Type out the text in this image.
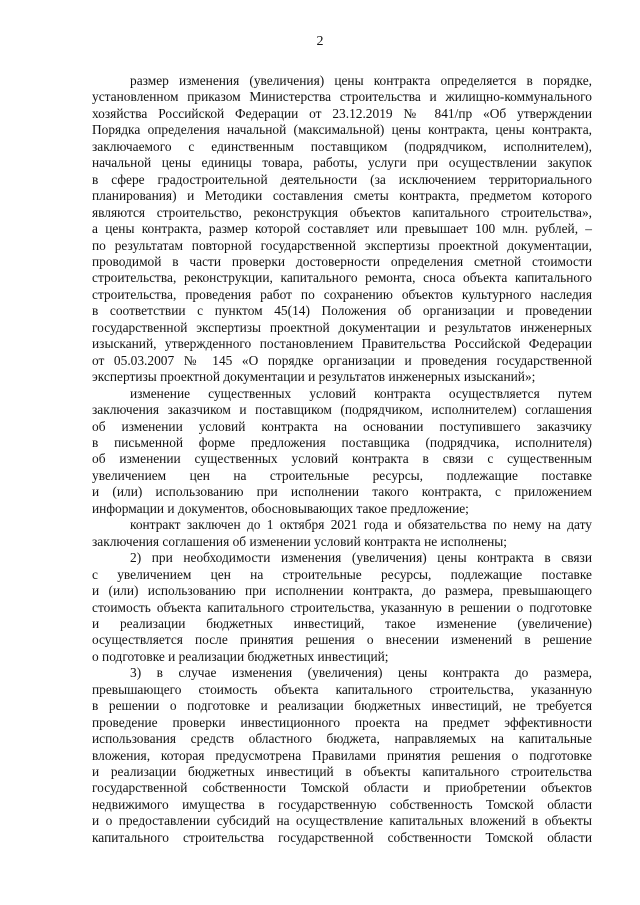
2
размер изменения (увеличения) цены контракта определяется в порядке,
установленном приказом Министерства строительства и жилищно-коммунального
хозяйства Российской Федерации от 23.12.2019 № 841/пр «Об утверждении
Порядка определения начальной (максимальной) цены контракта, цены контракта,
заключаемого с единственным поставщиком (подрядчиком, исполнителем),
начальной цены единицы товара, работы, услуги при осуществлении закупок
в сфере градостроительной деятельности (за исключением территориального
планирования) и Методики составления сметы контракта, предметом которого
являются строительство, реконструкция объектов капитального строительства»,
а цены контракта, размер которой составляет или превышает 100 млн. рублей, –
по результатам повторной государственной экспертизы проектной документации,
проводимой в части проверки достоверности определения сметной стоимости
строительства, реконструкции, капитального ремонта, сноса объекта капитального
строительства, проведения работ по сохранению объектов культурного наследия
в соответствии с пунктом 45(14) Положения об организации и проведении
государственной экспертизы проектной документации и результатов инженерных
изысканий, утвержденного постановлением Правительства Российской Федерации
от 05.03.2007 № 145 «О порядке организации и проведения государственной
экспертизы проектной документации и результатов инженерных изысканий»;
изменение существенных условий контракта осуществляется путем
заключения заказчиком и поставщиком (подрядчиком, исполнителем) соглашения
об изменении условий контракта на основании поступившего заказчику
в письменной форме предложения поставщика (подрядчика, исполнителя)
об изменении существенных условий контракта в связи с существенным
увеличением цен на строительные ресурсы, подлежащие поставке
и (или) использованию при исполнении такого контракта, с приложением
информации и документов, обосновывающих такое предложение;
контракт заключен до 1 октября 2021 года и обязательства по нему на дату
заключения соглашения об изменении условий контракта не исполнены;
2) при необходимости изменения (увеличения) цены контракта в связи
с увеличением цен на строительные ресурсы, подлежащие поставке
и (или) использованию при исполнении контракта, до размера, превышающего
стоимость объекта капитального строительства, указанную в решении о подготовке
и реализации бюджетных инвестиций, такое изменение (увеличение)
осуществляется после принятия решения о внесении изменений в решение
о подготовке и реализации бюджетных инвестиций;
3) в случае изменения (увеличения) цены контракта до размера,
превышающего стоимость объекта капитального строительства, указанную
в решении о подготовке и реализации бюджетных инвестиций, не требуется
проведение проверки инвестиционного проекта на предмет эффективности
использования средств областного бюджета, направляемых на капитальные
вложения, которая предусмотрена Правилами принятия решения о подготовке
и реализации бюджетных инвестиций в объекты капитального строительства
государственной собственности Томской области и приобретении объектов
недвижимого имущества в государственную собственность Томской области
и о предоставлении субсидий на осуществление капитальных вложений в объекты
капитального строительства государственной собственности Томской области
